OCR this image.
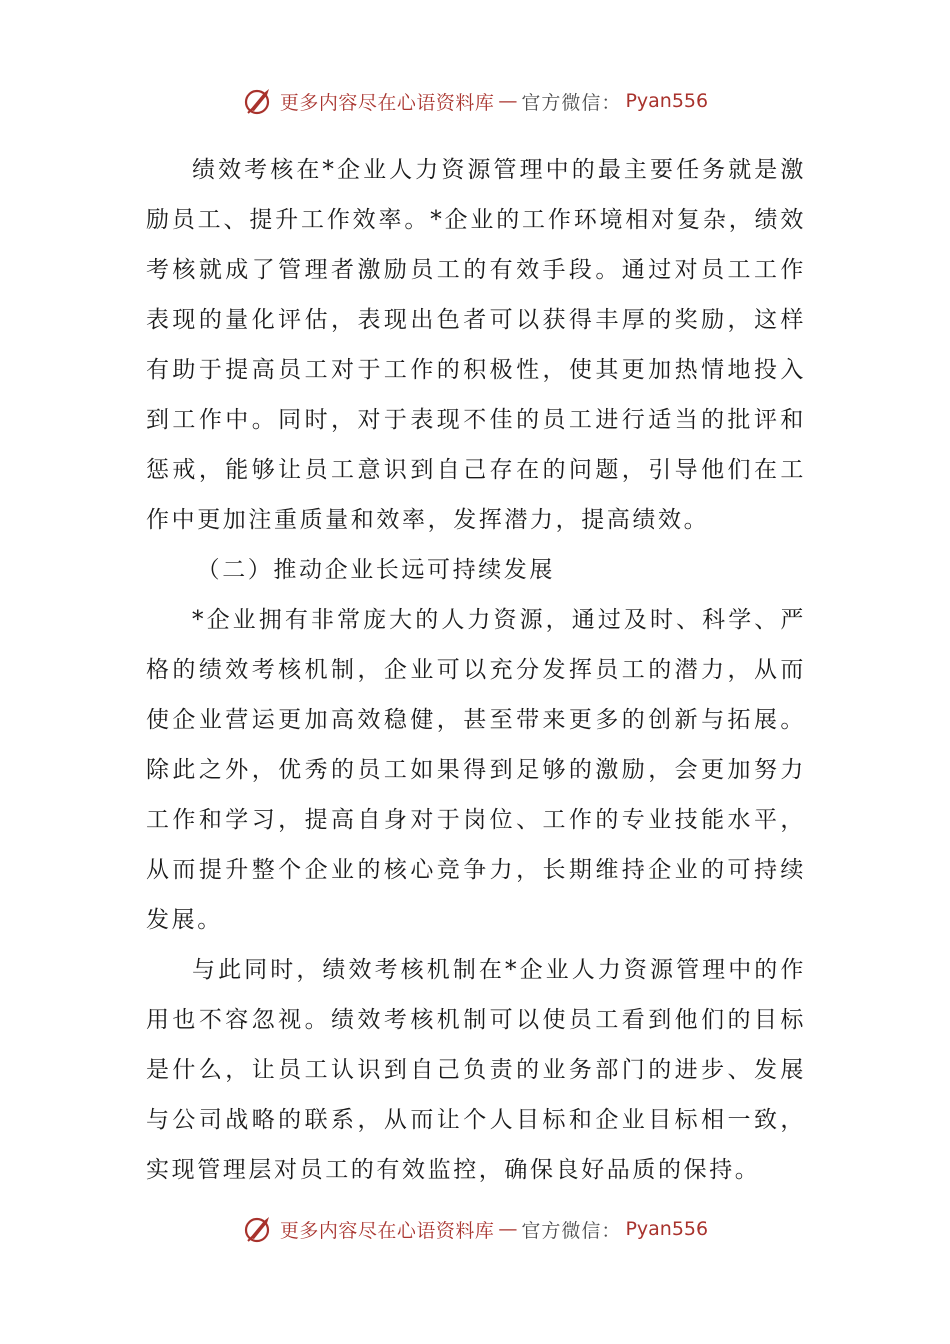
更多内容尽在心语资料库 — 官方微信： Pyan556

绩效考核在*企业人力资源管理中的最主要任务就是激励员工、提升工作效率。*企业的工作环境相对复杂，绩效考核就成了管理者激励员工的有效手段。通过对员工工作表现的量化评估，表现出色者可以获得丰厚的奖励，这样有助于提高员工对于工作的积极性，使其更加热情地投入到工作中。同时，对于表现不佳的员工进行适当的批评和惩戒，能够让员工意识到自己存在的问题，引导他们在工作中更加注重质量和效率，发挥潜力，提高绩效。

（二）推动企业长远可持续发展

*企业拥有非常庞大的人力资源，通过及时、科学、严格的绩效考核机制，企业可以充分发挥员工的潜力，从而使企业营运更加高效稳健，甚至带来更多的创新与拓展。除此之外，优秀的员工如果得到足够的激励，会更加努力工作和学习，提高自身对于岗位、工作的专业技能水平，从而提升整个企业的核心竞争力，长期维持企业的可持续发展。

与此同时，绩效考核机制在*企业人力资源管理中的作用也不容忽视。绩效考核机制可以使员工看到他们的目标是什么，让员工认识到自己负责的业务部门的进步、发展与公司战略的联系，从而让个人目标和企业目标相一致，实现管理层对员工的有效监控，确保良好品质的保持。

更多内容尽在心语资料库 — 官方微信： Pyan556
